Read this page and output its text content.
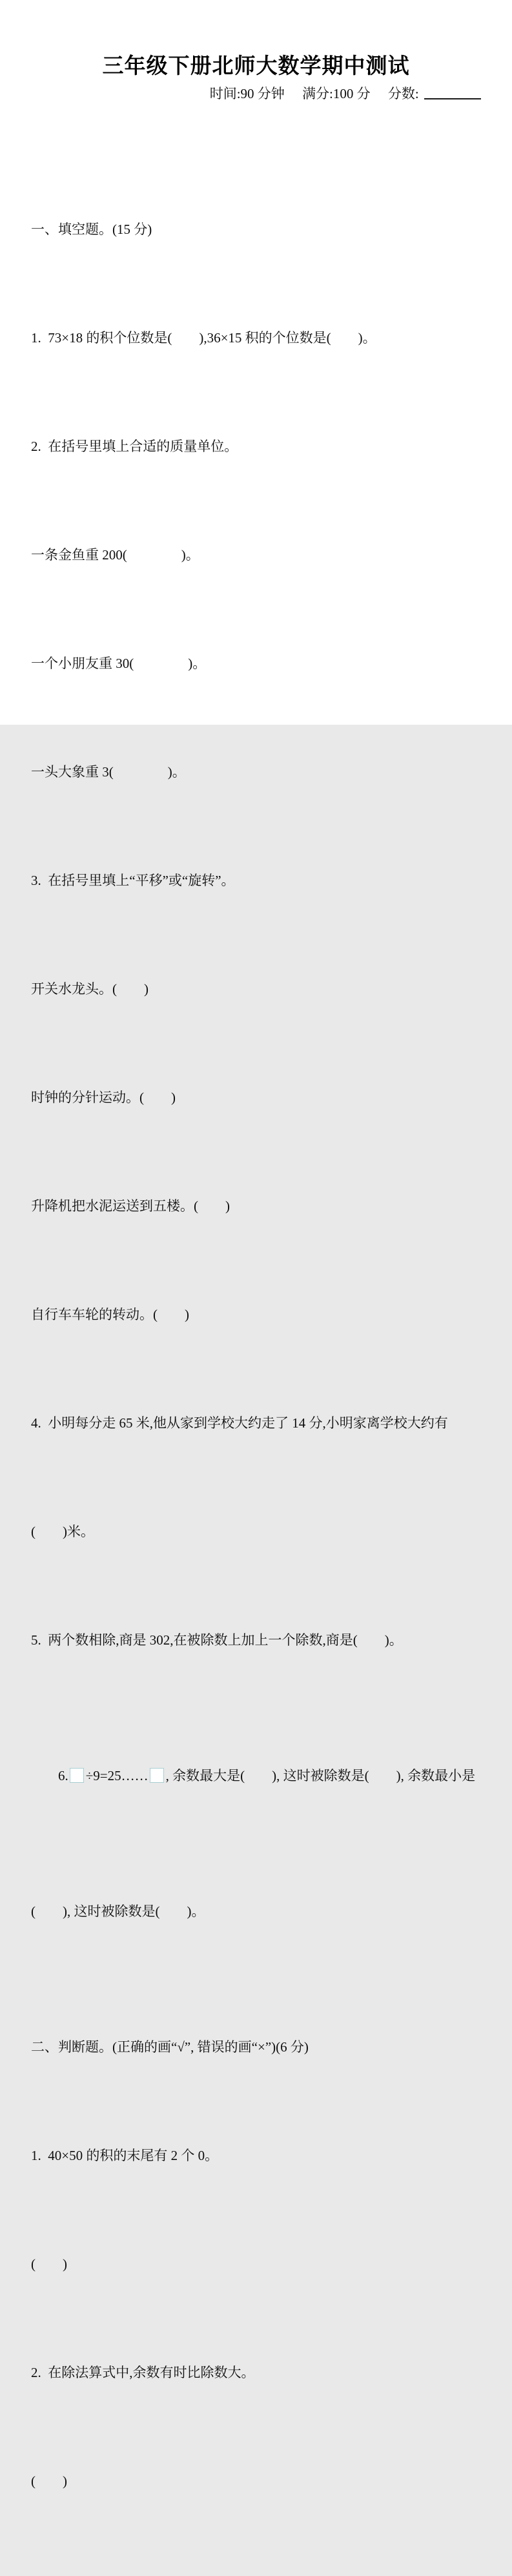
三年级下册北师大数学期中测试
时间:90 分钟 满分:100 分 分数:

一、填空题。(15 分)

1.  73×18 的积个位数是(　　),36×15 积的个位数是(　　)。

2.  在括号里填上合适的质量单位。

一条金鱼重 200(　　　　)。

一个小朋友重 30(　　　　)。

一头大象重 3(　　　　)。

3.  在括号里填上“平移”或“旋转”。

开关水龙头。(　　)

时钟的分针运动。(　　)

升降机把水泥运送到五楼。(　　)

自行车车轮的转动。(　　)

4.  小明每分走 65 米,他从家到学校大约走了 14 分,小明家离学校大约有

(　　)米。

5.  两个数相除,商是 302,在被除数上加上一个除数,商是(　　)。

6. ÷9=25…… , 余数最大是(　　), 这时被除数是(　　), 余数最小是

(　　), 这时被除数是(　　)。

二、判断题。(正确的画“√”, 错误的画“×”)(6 分)

1.  40×50 的积的末尾有 2 个 0。

(　　)

2.  在除法算式中,余数有时比除数大。

(　　)
